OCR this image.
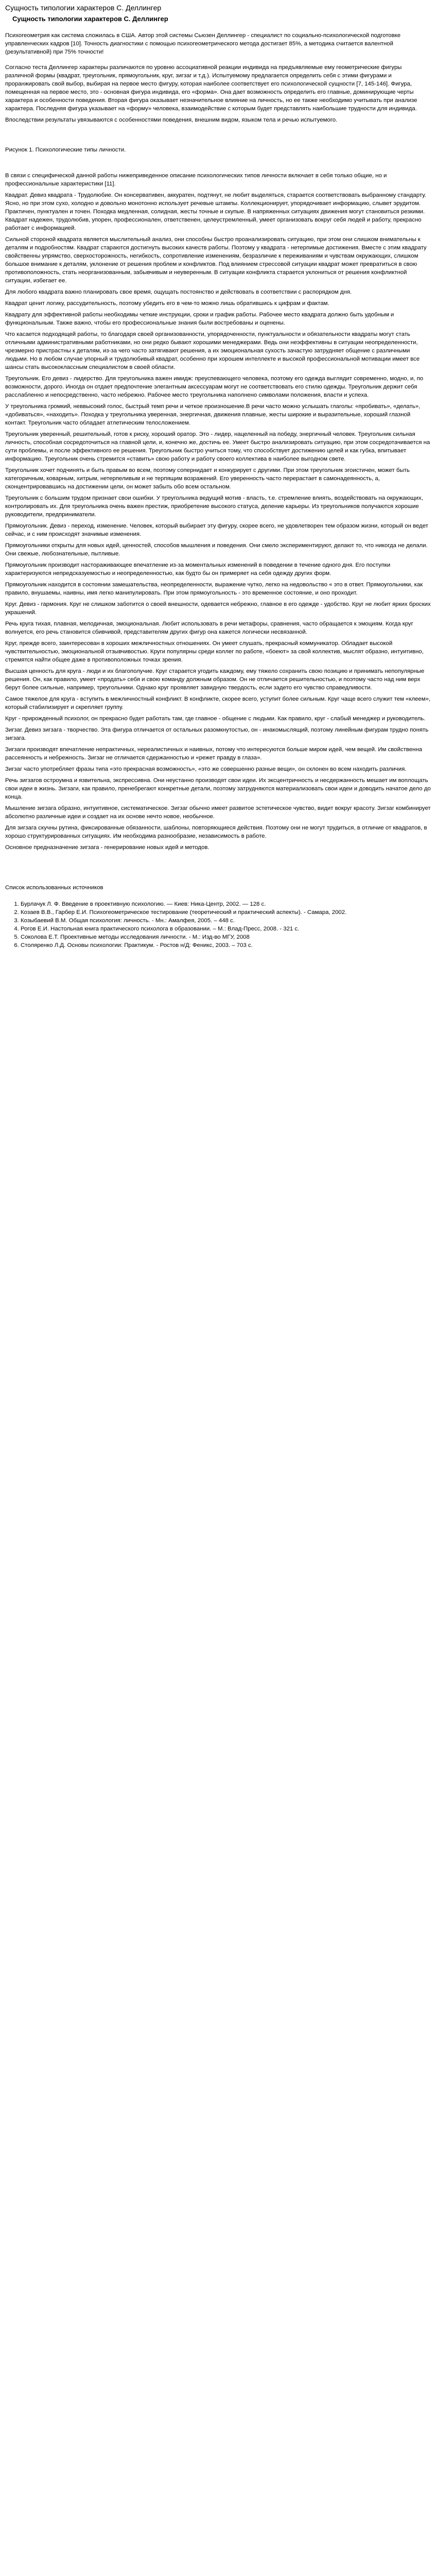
Сущность типологии характеров С. Деллингер
Сущность типологии характеров С. Деллингер

Психогеометрия как система сложилась в США. Автор этой системы Сьюзен Деллингер - специалист по социально-психологической подготовке управленческих кадров [10]. Точность диагностики с помощью психогеометрического метода достигает 85%, а методика считается валентной (результативной) при 75% точности!

Согласно теста Деллингер характеры различаются по уровню ассоциативной реакции индивида на предъявляемые ему геометрические фигуры различной формы (квадрат, треугольник, прямоугольник, круг, зигзаг и т.д.). Испытуемому предлагается определить себя с этими фигурами и проранжировать свой выбор, выбирая на первое место фигуру, которая наиболее соответствует его психологической сущности [7, 145-146]. Фигура, помещенная на первое место, это - основная фигура индивида, его «форма». Она дает возможность определить его главные, доминирующие черты характера и особенности поведения. Вторая фигура оказывает незначительное влияние на личность, но ее также необходимо учитывать при анализе характера. Последняя фигура указывает на «форму» человека, взаимодействие с которым будет представлять наибольшие трудности для индивида.

Впоследствии результаты увязываются с особенностями поведения, внешним видом, языком тела и речью испытуемого.

Рисунок 1. Психологические типы личности.

В связи с специфической данной работы нижеприведенное описание психологических типов личности включает в себя только общие, но и профессиональные характеристики [11].

Квадрат. Девиз квадрата - Трудолюбие. Он консервативен, аккуратен, подтянут, не любит выделяться, старается соответствовать выбранному стандарту. Ясно, но при этом сухо, холодно и довольно монотонно использует речевые штампы. Коллекционирует, упорядочивает информацию, слывет эрудитом. Практичен, пунктуален и точен. Походка медленная, солидная, жесты точные и скупые. В напряженных ситуациях движения могут становиться резкими. Квадрат надежен, трудолюбив, упорен, профессионален, ответственен, целеустремленный, умеет организовать вокруг себя людей и работу, прекрасно работает с информацией.

Сильной стороной квадрата является мыслительный анализ, они способны быстро проанализировать ситуацию, при этом они слишком внимательны к деталям и подробностям. Квадрат стараются достигнуть высоких качеств работы. Поэтому у квадрата - нетерпимые достижения. Вместе с этим квадрату свойственны упрямство, сверхосторожность, негибкость, сопротивление изменениям, безразличие к переживаниям и чувствам окружающих, слишком большое внимание к деталям, уклонение от решения проблем и конфликтов. Под влиянием стрессовой ситуации квадрат может превратиться в свою противоположность, стать неорганизованным, забывчивым и неуверенным. В ситуации конфликта старается уклониться от решения конфликтной ситуации, избегает ее.

Для любого квадрата важно планировать свое время, ощущать постоянство и действовать в соответствии с распорядком дня.

Квадрат ценит логику, рассудительность, поэтому убедить его в чем-то можно лишь обратившись к цифрам и фактам.

Квадрату для эффективной работы необходимы четкие инструкции, сроки и график работы. Рабочее место квадрата должно быть удобным и функциональным. Также важно, чтобы его профессиональные знания были востребованы и оценены.

Что касается подходящей работы, то благодаря своей организованности, упорядоченности, пунктуальности и обязательности квадраты могут стать отличными административными работниками, но они редко бывают хорошими менеджерами. Ведь они неэффективны в ситуации неопределенности, чрезмерно пристрастны к деталям, из-за чего часто затягивают решения, а их эмоциональная сухость зачастую затрудняет общение с различными людьми. Но в любом случае упорный и трудолюбивый квадрат, особенно при хорошем интеллекте и высокой профессиональной мотивации имеет все шансы стать высококлассным специалистом в своей области.

Треугольник. Его девиз - лидерство. Для треугольника важен имидж: преуспевающего человека, поэтому его одежда выглядит современно, модно, и, по возможности, дорого. Иногда он отдает предпочтение элегантным аксессуарам могут не соответствовать его стилю одежды. Треугольник держит себя расслабленно и непосредственно, часто небрежно. Рабочее место треугольника наполнено символами положения, власти и успеха.

У треугольника громкий, неввысокий голос, быстрый темп речи и четкое произношение.В речи часто можно услышать глаголы: «пробивать», «делать», «добиваться», «находить». Походка у треугольника уверенная, энергичная, движения плавные, жесты широкие и выразительные, хороший глазной контакт. Треугольник часто обладает атлетическим телосложением.

Треугольник уверенный, решительный, готов к риску, хороший оратор. Это - лидер, нацеленный на победу, энергичный человек. Треугольник сильная личность, способная сосредоточиться на главной цели, и, конечно же, достичь ее. Умеет быстро анализировать ситуацию, при этом сосредотачивается на сути проблемы, и после эффективного ее решения. Треугольник быстро учиться тому, что способствует достижению целей и как губка, впитывает информацию. Треугольник очень стремится «ставить» свою работу и работу своего коллектива в наиболее выгодном свете.

Треугольник хочет подчинять и быть правым во всем, поэтому сопернидает и конкурирует с другими. При этом треугольник эгоистичен, может быть категоричным, коварным, хитрым, нетерпеливым и не терпящим возражений. Его уверенность часто перерастает в самонадеянность, а, сконцентрировавшись на достижении цели, он может забыть обо всем остальном.

Треугольник с большим трудом признает свои ошибки. У треугольника ведущий мотив - власть, т.е. стремление влиять, воздействовать на окружающих, контролировать их. Для треугольника очень важен престиж, приобретение высокого статуса, деление карьеры. Из треугольников получаются хорошие руководители, предприниматели.

Прямоугольник. Девиз - переход, изменение. Человек, который выбирает эту фигуру, скорее всего, не удовлетворен тем образом жизни, который он ведет сейчас, и с ним происходят значимые изменения.

Прямоугольники открыты для новых идей, ценностей, способов мышления и поведения. Они смело экспериментируют, делают то, что никогда не делали. Они свежые, любознательные, пытливые.

Прямоугольник производит настораживающее впечатление из-за моментальных изменений в поведении в течение одного дня. Его поступки характеризуются непредсказуемостью и неопределенностью, как будто бы он примеряет на себя одежду других форм.

Прямоугольник находится в состоянии замешательства, неопределенности, выражение чутко, легко на недовольство « это в ответ. Прямоугольники, как правило, внушаемы, наивны, имя легко манипулировать. При этом прямоугольность - это временное состояние, и оно проходит.

Круг. Девиз - гармония. Круг не слишком заботится о своей внешности, одевается небрежно, главное в его одежде - удобство. Круг не любит ярких броских украшений.

Речь круга тихая, плавная, мелодичная, эмоциональная. Любит использовать в речи метафоры, сравнения, часто обращается к эмоциям. Когда круг волнуется, его речь становится сбивчивой, представителям других фигур она кажется логически несвязанной.

Круг, прежде всего, заинтересован в хороших межличностных отношениях. Он умеет слушать, прекрасный коммуникатор. Обладает высокой чувствительностью, эмоциональной отзывчивостью. Круги популярны среди коллег по работе, «боеют» за свой коллектив, мыслят образно, интуитивно, стремятся найти общее даже в противоположных точках зрения.

Высшая ценность для круга - люди и их благополучие. Круг старается угодить каждому, ему тяжело сохранить свою позицию и принимать непопулярные решения. Он, как правило, умеет «продать» себя и свою команду должным образом. Он не отличается решительностью, и поэтому часто над ним верх берут более сильные, например, треугольники. Однако круг проявляет завидную твердость, если задето его чувство справедливости.

Самое тяжелое для круга - вступить в межличностный конфликт. В конфликте, скорее всего, уступит более сильным. Круг чаще всего служит тем «клеем», который стабилизирует и скрепляет группу.

Круг - прирожденный психолог, он прекрасно будет работать там, где главное - общение с людьми. Как правило, круг - слабый менеджер и руководитель.

Зигзаг. Девиз зигзага - творчество. Эта фигура отличается от остальных разомкнутостью, он - инакомыслящий, поэтому линейным фигурам трудно понять зигзага.

Зигзаги производят впечатление непрактичных, нереалистичных и наивных, потому что интересуются больше миром идей, чем вещей. Им свойственна рассеянность и небрежность. Зигзаг не отличается сдержанностью и «режет правду в глаза».

Зигзаг часто употребляет фразы типа «это прекрасная возможность», «это же совершенно разные вещи», он склонен во всем находить различия.

Речь зигзагов остроумна и язвительна, экспрессивна. Они неустанно производят свои идеи. Их эксцентричность и несдержанность мешает им воплощать свои идеи в жизнь. Зигзаги, как правило, пренебрегают конкретные детали, поэтому затрудняются материализовать свои идеи и доводить начатое дело до конца.

Мышление зигзага образно, интуитивное, систематическое. Зигзаг обычно имеет развитое эстетическое чувство, видит вокруг красоту. Зигзаг комбинирует абсолютно различные идеи и создает на их основе нечто новое, необычное.

Для зигзага скучны рутина, фиксированные обязанности, шаблоны, повторяющиеся действия. Поэтому они не могут трудиться, в отличие от квадратов, в хорошо структурированных ситуациях. Им необходима разнообразие, независимость в работе.

Основное предназначение зигзага - генерирование новых идей и методов.

Список использованных источников

1. Бурлачук Л. Ф. Введение в проективную психологию. — Киев: Ника-Центр, 2002. — 128 с.
2. Козаев В.В., Гарбер Е.И. Психогеометрическое тестирование (теоретический и практический аспекты). - Самара, 2002.
3. Козыбаевий В.М. Общая психология: личность. - Мн.: Амалфея, 2005. – 448 с.
4. Рогов Е.И. Настольная книга практического психолога в образовании. – М.: Влад-Пресс, 2008. - 321 с.
5. Соколова Е.Т. Проективные методы исследования личности. - М.: Изд-во МГУ, 2008
6. Столяренко Л.Д. Основы психологии: Практикум. - Ростов н/Д: Феникс, 2003. – 703 с.
